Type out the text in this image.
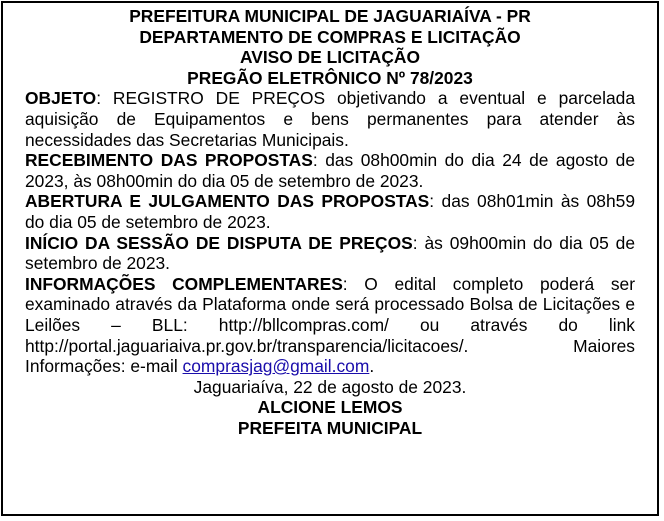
PREFEITURA MUNICIPAL DE JAGUARIAÍVA - PR

DEPARTAMENTO DE COMPRAS E LICITAÇÃO

AVISO DE LICITAÇÃO

PREGÃO ELETRÔNICO Nº 78/2023

OBJETO: REGISTRO DE PREÇOS objetivando a eventual e parcelada aquisição de Equipamentos e bens permanentes para atender às necessidades das Secretarias Municipais.

RECEBIMENTO DAS PROPOSTAS: das 08h00min do dia 24 de agosto de 2023, às 08h00min do dia 05 de setembro de 2023.

ABERTURA E JULGAMENTO DAS PROPOSTAS: das 08h01min às 08h59 do dia 05 de setembro de 2023.

INÍCIO DA SESSÃO DE DISPUTA DE PREÇOS: às 09h00min do dia 05 de setembro de 2023.

INFORMAÇÕES COMPLEMENTARES: O edital completo poderá ser examinado através da Plataforma onde será processado Bolsa de Licitações e Leilões – BLL: http://bllcompras.com/ ou através do link http://portal.jaguariaiva.pr.gov.br/transparencia/licitacoes/.	Maiores Informações: e-mail comprasjag@gmail.com.

Jaguariaíva, 22 de agosto de 2023.

ALCIONE LEMOS

PREFEITA MUNICIPAL
